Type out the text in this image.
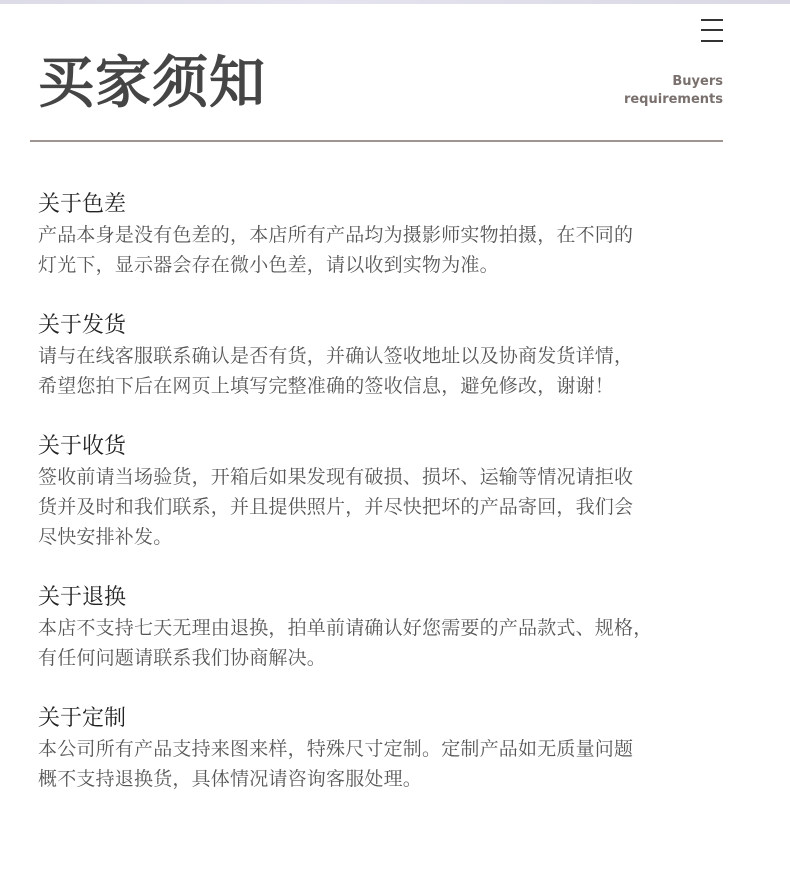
买家须知	Buyers
requirements
关于色差

产品本身是没有色差的，本店所有产品均为摄影师实物拍摄，在不同的

灯光下，显示器会存在微小色差，请以收到实物为准。

关于发货

请与在线客服联系确认是否有货，并确认签收地址以及协商发货详情，

希望您拍下后在网页上填写完整准确的签收信息，避免修改，谢谢！

关于收货

签收前请当场验货，开箱后如果发现有破损、损坏、运输等情况请拒收

货并及时和我们联系，并且提供照片，并尽快把坏的产品寄回，我们会

尽快安排补发。

关于退换

本店不支持七天无理由退换，拍单前请确认好您需要的产品款式、规格，

有任何问题请联系我们协商解决。

关于定制

本公司所有产品支持来图来样，特殊尺寸定制。定制产品如无质量问题

概不支持退换货，具体情况请咨询客服处理。
